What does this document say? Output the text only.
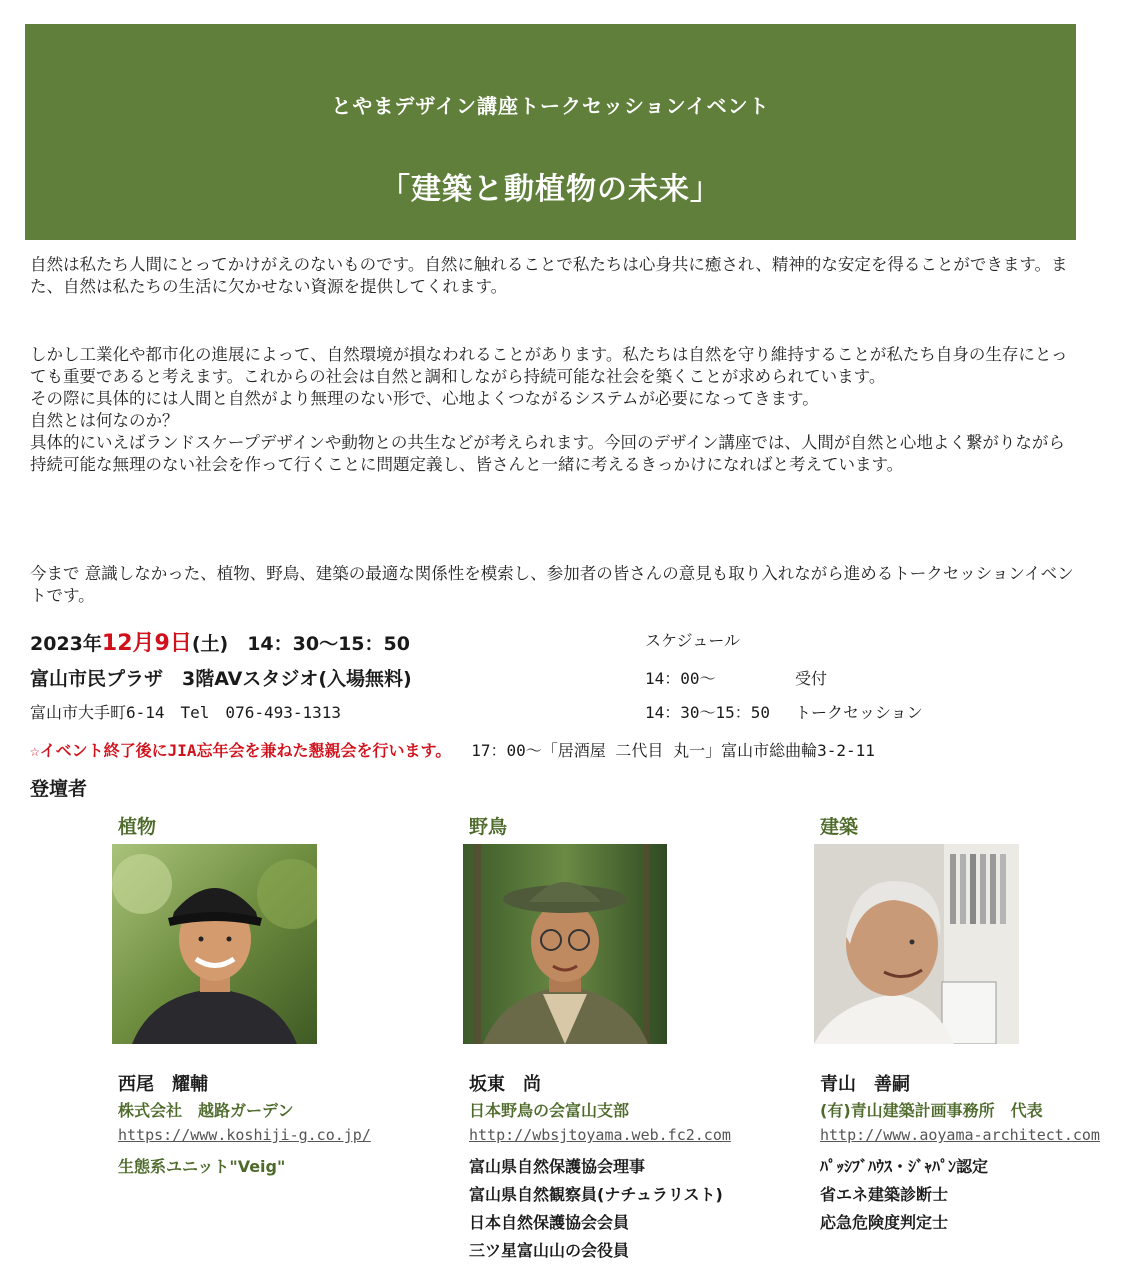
とやまデザイン講座トークセッションイベント
「建築と動植物の未来」
自然は私たち人間にとってかけがえのないものです。自然に触れることで私たちは心身共に癒され、精神的な安定を得ることができます。また、自然は私たちの生活に欠かせない資源を提供してくれます。
しかし工業化や都市化の進展によって、自然環境が損なわれることがあります。私たちは自然を守り維持することが私たち自身の生存にとっても重要であると考えます。これからの社会は自然と調和しながら持続可能な社会を築くことが求められています。
その際に具体的には人間と自然がより無理のない形で、心地よくつながるシステムが必要になってきます。
自然とは何なのか？
具体的にいえばランドスケープデザインや動物との共生などが考えられます。今回のデザイン講座では、人間が自然と心地よく繋がりながら持続可能な無理のない社会を作って行くことに問題定義し、皆さんと一緒に考えるきっかけになればと考えています。
今まで 意識しなかった、植物、野鳥、建築の最適な関係性を模索し、参加者の皆さんの意見も取り入れながら進めるトークセッションイベントです。
2023年12月9日(土)　14：30～15：50
富山市民プラザ　3階AVスタジオ(入場無料)
富山市大手町6-14　Tel　076-493-1313
スケジュール
14：00～	受付
14：30～15：50 トークセッション
☆イベント終了後にJIA忘年会を兼ねた懇親会を行います。 17：00～「居酒屋 二代目 丸一」富山市総曲輪3-2-11
登壇者
植物
西尾　耀輔
株式会社　越路ガーデン
https://www.koshiji-g.co.jp/
生態系ユニット"Veig"
野鳥
坂東　尚
日本野鳥の会富山支部
http://wbsjtoyama.web.fc2.com
富山県自然保護協会理事
富山県自然観察員(ナチュラリスト)
日本自然保護協会会員
三ツ星富山山の会役員
建築
青山　善嗣
(有)青山建築計画事務所　代表
http://www.aoyama-architect.com
ﾊﾟｯｼﾌﾞﾊｳｽ・ｼﾞｬﾊﾟﾝ認定
省エネ建築診断士
応急危険度判定士
